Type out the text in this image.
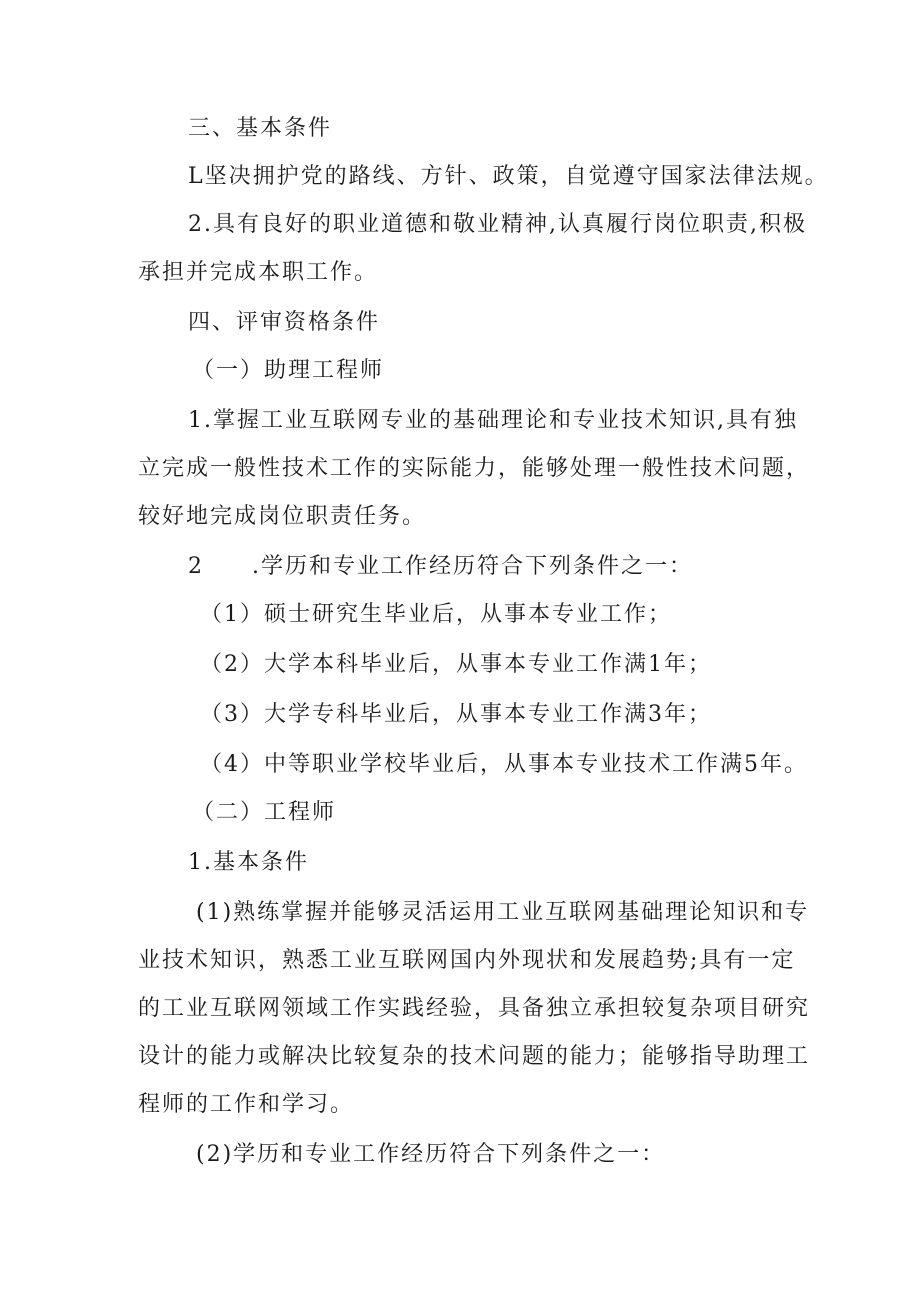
三、基本条件
L坚决拥护党的路线、方针、政策，自觉遵守国家法律法规。
2.具有良好的职业道德和敬业精神,认真履行岗位职责,积极
承担并完成本职工作。
四、评审资格条件
（一）助理工程师
1.掌握工业互联网专业的基础理论和专业技术知识,具有独
立完成一般性技术工作的实际能力，能够处理一般性技术问题，
较好地完成岗位职责任务。
2　　.学历和专业工作经历符合下列条件之一：
（1）硕士研究生毕业后，从事本专业工作；
（2）大学本科毕业后，从事本专业工作满1年；
（3）大学专科毕业后，从事本专业工作满3年；
（4）中等职业学校毕业后，从事本专业技术工作满5年。
（二）工程师
1.基本条件
(1)熟练掌握并能够灵活运用工业互联网基础理论知识和专
业技术知识，熟悉工业互联网国内外现状和发展趋势;具有一定
的工业互联网领域工作实践经验，具备独立承担较复杂项目研究
设计的能力或解决比较复杂的技术问题的能力；能够指导助理工
程师的工作和学习。
(2)学历和专业工作经历符合下列条件之一：
